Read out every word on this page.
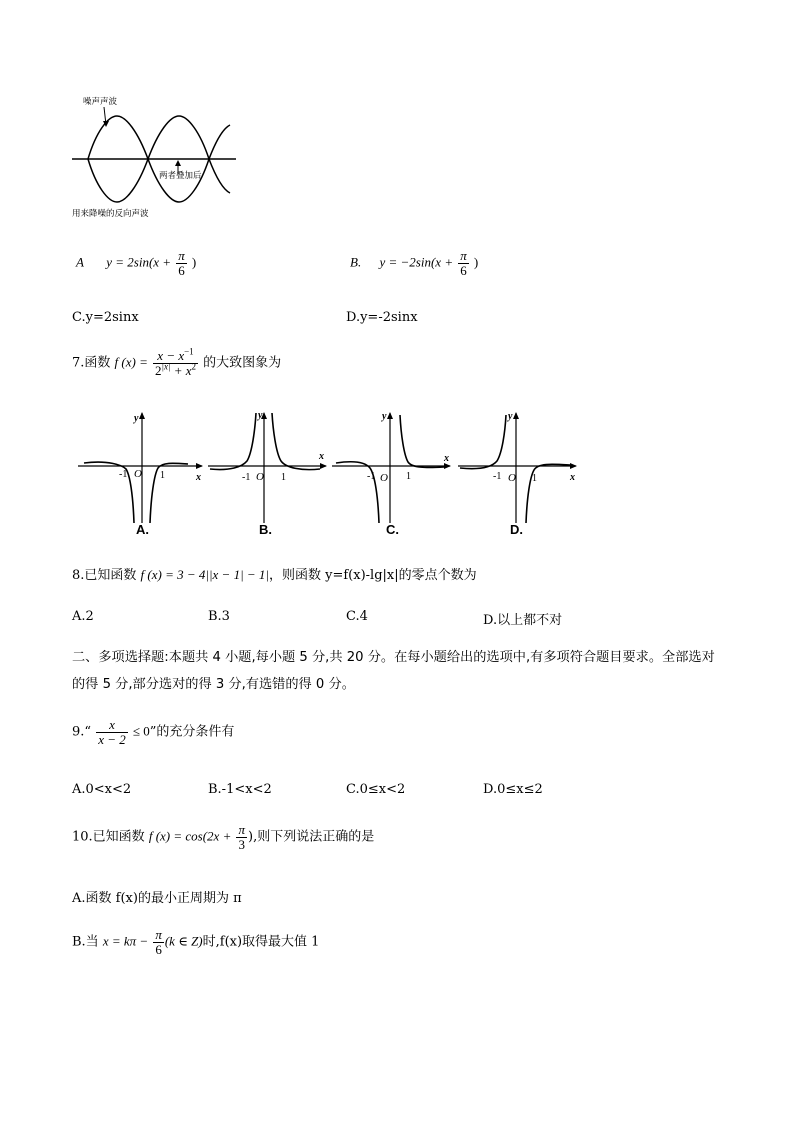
噪声声波
两者叠加后
用来降噪的反向声波
A $y = 2\sin(x + \frac{\pi}{6}$ )	B. $y = -2\sin(x + \frac{\pi}{6}$ )
C.y=2sinx	D.y=-2sinx
7.函数 f $(x) = \frac{x - x^{-1}}{2^{|x|} + x^2}$ 的大致图象为
y
x
O
-1	1
A.
y
x
O
-1	1
B.
y
x
O
-1	1
C.
y
x
O
-1	1
D.
8.已知函数 f (x) = 3 − 4||x − 1| − 1|，则函数 y=f(x)-lg|x|的零点个数为
A.2	B.3	C.4	D.以上都不对
二、多项选择题:本题共 4 小题,每小题 5 分,共 20 分。在每小题给出的选项中,有多项符合题目要求。全部选对
的得 5 分,部分选对的得 3 分,有选错的得 0 分。
9.“ $\frac{x}{x - 2} \le 0$”的充分条件有
A.0<x<2	B.-1<x<2	C.0≤x<2	D.0≤x≤2
10.已知函数 f $(x) = \cos(2x + \frac{\pi}{3}$ ),则下列说法正确的是
A.函数 f(x)的最小正周期为 π
B.当 $x = k\pi - \frac{\pi}{6} (k$ ∈ Z)时,f(x)取得最大值 1
